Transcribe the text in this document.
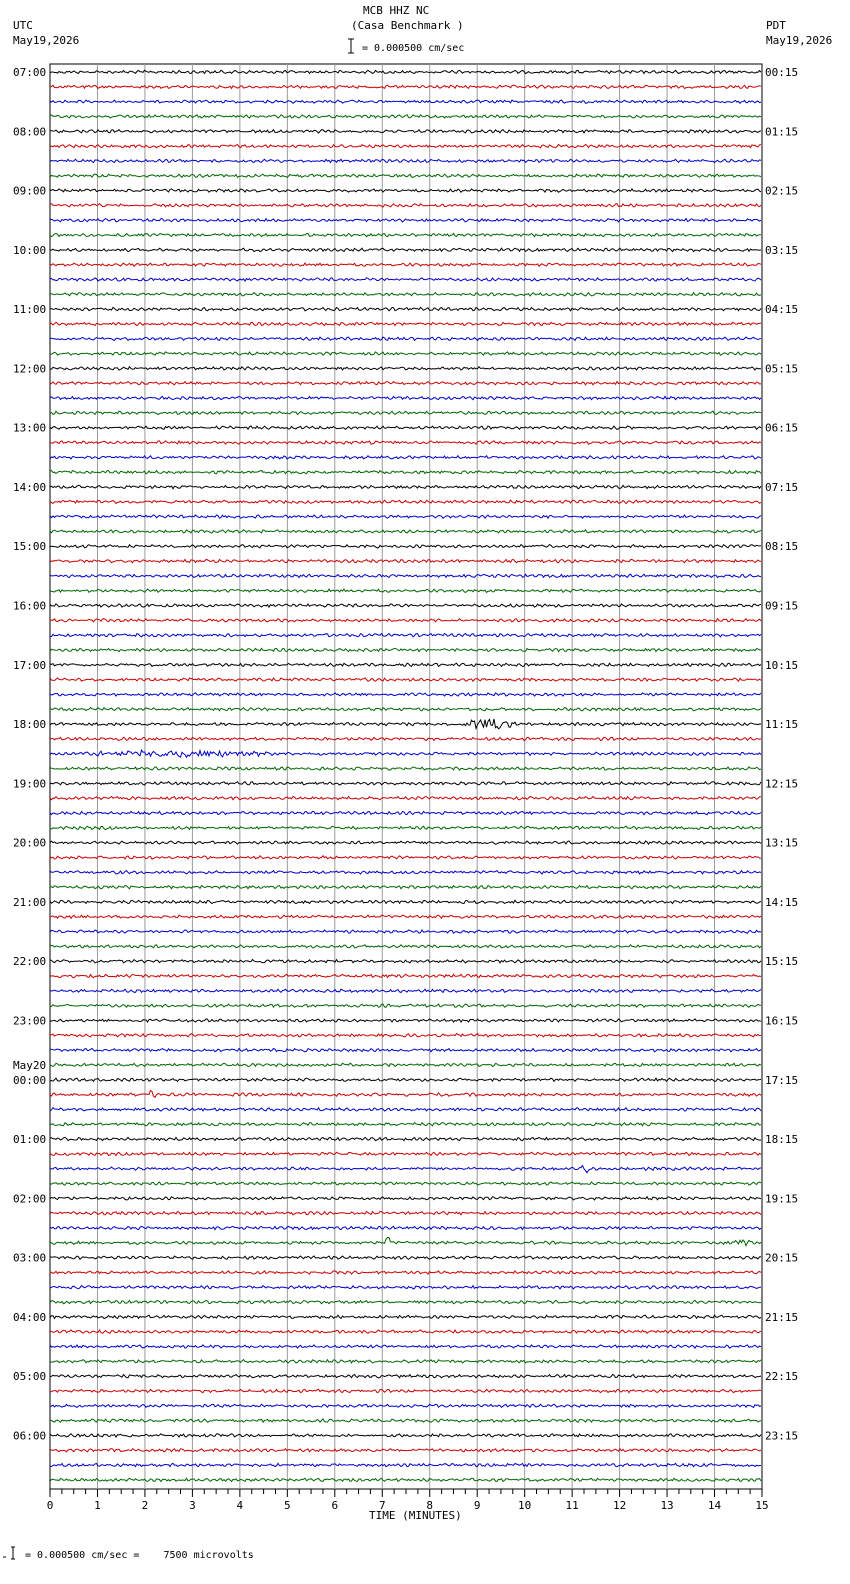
MCB HHZ NC
(Casa Benchmark )
= 0.000500 cm/sec
UTC
May19,2026
PDT
May19,2026
07:00	00:15
08:00	01:15
09:00	02:15
10:00	03:15
11:00	04:15
12:00	05:15
13:00	06:15
14:00	07:15
15:00	08:15
16:00	09:15
17:00	10:15
18:00	11:15
19:00	12:15
20:00	13:15
21:00	14:15
22:00	15:15
23:00	16:15
00:00	17:15
01:00	18:15
02:00	19:15
03:00	20:15
04:00	21:15
05:00	22:15
06:00	23:15
May20
0	1	2	3	4	5	6	7	8	9	10	11	12	13	14	15
TIME (MINUTES)
= 0.000500 cm/sec =    7500 microvolts
